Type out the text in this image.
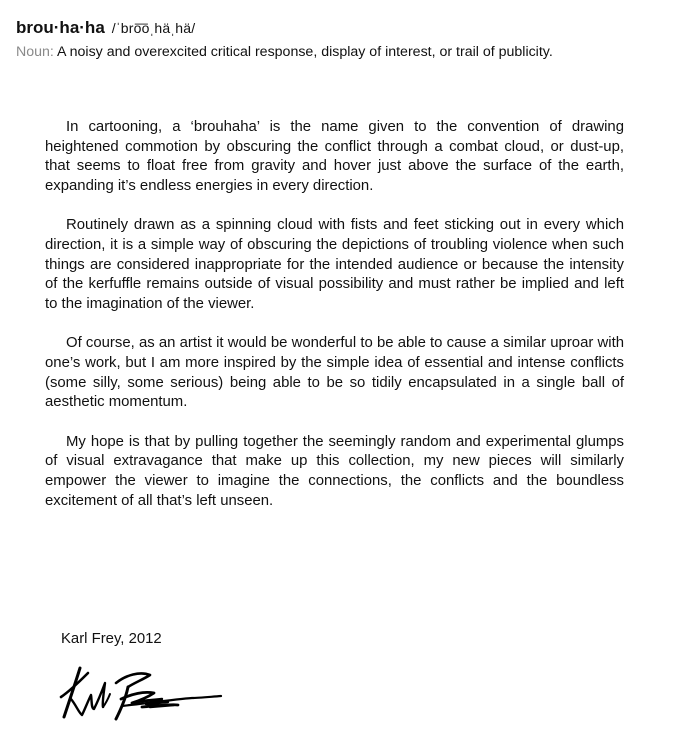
brou·ha·ha /ˈbro͞oˌhäˌhä/
Noun: A noisy and overexcited critical response, display of interest, or trail of publicity.

In cartooning, a ‘brouhaha’ is the name given to the convention of drawing heightened commotion by obscuring the conflict through a combat cloud, or dust-up, that seems to float free from gravity and hover just above the surface of the earth, expanding it’s endless energies in every direction.

Routinely drawn as a spinning cloud with fists and feet sticking out in every which direction, it is a simple way of obscuring the depictions of troubling violence when such things are considered inappropriate for the intended audience or because the intensity of the kerfuffle remains outside of visual possibility and must rather be implied and left to the imagination of the viewer.

Of course, as an artist it would be wonderful to be able to cause a similar uproar with one’s work, but I am more inspired by the simple idea of essential and intense conflicts (some silly, some serious) being able to be so tidily encapsulated in a single ball of aesthetic momentum.

My hope is that by pulling together the seemingly random and experimental glumps of visual extravagance that make up this collection, my new pieces will similarly empower the viewer to imagine the connections, the conflicts and the boundless excitement of all that’s left unseen.

Karl Frey, 2012
